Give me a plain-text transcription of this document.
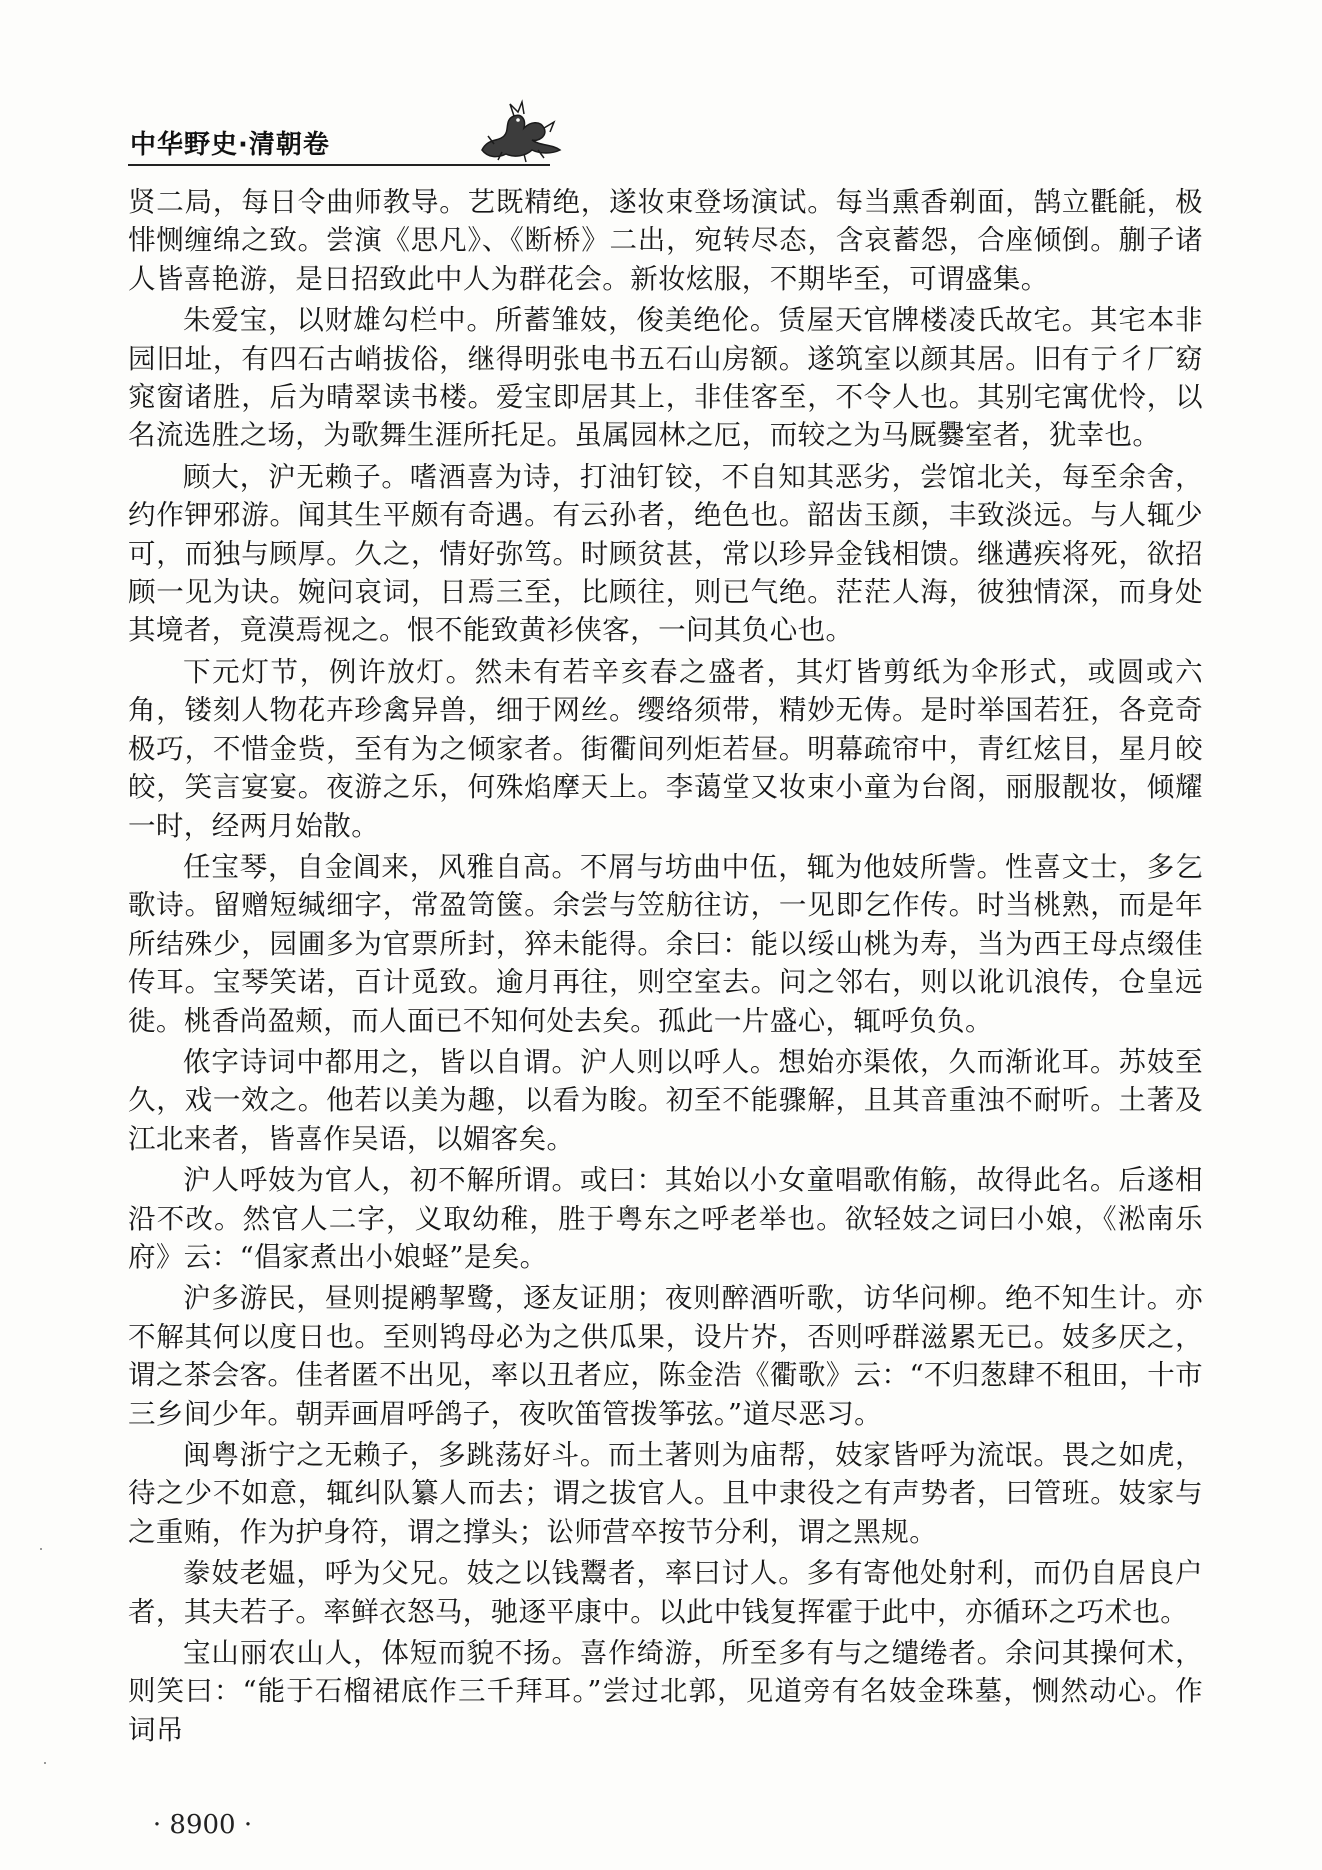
中华野史·清朝卷

贤二局，每日令曲师教导。艺既精绝，遂妆束登场演试。每当熏香剃面，鹄立氍毹，极悱恻缠绵之致。尝演《思凡》、《断桥》二出，宛转尽态，含哀蓄怨，合座倾倒。蒯子诸人皆喜艳游，是日招致此中人为群花会。新妆炫服，不期毕至，可谓盛集。

朱爱宝，以财雄勾栏中。所蓄雏妓，俊美绝伦。赁屋天官牌楼凌氏故宅。其宅本非园旧址，有四石古峭拔俗，继得明张电书五石山房额。遂筑室以颜其居。旧有亍彳厂窈窕窗诸胜，后为晴翠读书楼。爱宝即居其上，非佳客至，不令人也。其别宅寓优怜，以名流选胜之场，为歌舞生涯所托足。虽属园林之厄，而较之为马厩爨室者，犹幸也。

顾大，沪无赖子。嗜酒喜为诗，打油钉铰，不自知其恶劣，尝馆北关，每至余舍，约作钾邪游。闻其生平颇有奇遇。有云孙者，绝色也。韶齿玉颜，丰致淡远。与人辄少可，而独与顾厚。久之，情好弥笃。时顾贫甚，常以珍异金钱相馈。继遘疾将死，欲招顾一见为诀。婉问哀词，日焉三至，比顾往，则已气绝。茫茫人海，彼独情深，而身处其境者，竟漠焉视之。恨不能致黄衫侠客，一问其负心也。

下元灯节，例许放灯。然未有若辛亥春之盛者，其灯皆剪纸为伞形式，或圆或六角，镂刻人物花卉珍禽异兽，细于网丝。缨络须带，精妙无俦。是时举国若狂，各竞奇极巧，不惜金赀，至有为之倾家者。街衢间列炬若昼。明幕疏帘中，青红炫目，星月皎皎，笑言宴宴。夜游之乐，何殊焰摩天上。李蔼堂又妆束小童为台阁，丽服靓妆，倾耀一时，经两月始散。

任宝琴，自金阊来，风雅自高。不屑与坊曲中伍，辄为他妓所訾。性喜文士，多乞歌诗。留赠短缄细字，常盈笥箧。余尝与笠舫往访，一见即乞作传。时当桃熟，而是年所结殊少，园圃多为官票所封，猝未能得。余曰：能以绥山桃为寿，当为西王母点缀佳传耳。宝琴笑诺，百计觅致。逾月再往，则空室去。问之邻右，则以讹讥浪传，仓皇远徙。桃香尚盈颊，而人面已不知何处去矣。孤此一片盛心，辄呼负负。

侬字诗词中都用之，皆以自谓。沪人则以呼人。想始亦渠侬，久而渐讹耳。苏妓至久，戏一效之。他若以美为趣，以看为睃。初至不能骤解，且其音重浊不耐听。土著及江北来者，皆喜作吴语，以媚客矣。

沪人呼妓为官人，初不解所谓。或曰：其始以小女童唱歌侑觞，故得此名。后遂相沿不改。然官人二字，义取幼稚，胜于粤东之呼老举也。欲轻妓之词曰小娘，《淞南乐府》云：“倡家煮出小娘蛏”是矣。

沪多游民，昼则提鹇挈鹭，逐友证朋；夜则醉酒听歌，访华问柳。绝不知生计。亦不解其何以度日也。至则鸨母必为之供瓜果，设片岕，否则呼群滋累无已。妓多厌之，谓之茶会客。佳者匿不出见，率以丑者应，陈金浩《衢歌》云：“不归葱肆不租田，十市三乡间少年。朝弄画眉呼鸽子，夜吹笛管拨筝弦。”道尽恶习。

闽粤浙宁之无赖子，多跳荡好斗。而土著则为庙帮，妓家皆呼为流氓。畏之如虎，待之少不如意，辄纠队纂人而去；谓之拔官人。且中隶役之有声势者，曰管班。妓家与之重贿，作为护身符，谓之撑头；讼师营卒按节分利，谓之黑规。

豢妓老媪，呼为父兄。妓之以钱鬻者，率曰讨人。多有寄他处射利，而仍自居良户者，其夫若子。率鲜衣怒马，驰逐平康中。以此中钱复挥霍于此中，亦循环之巧术也。

宝山丽农山人，体短而貌不扬。喜作绮游，所至多有与之缱绻者。余问其操何术，则笑曰：“能于石榴裙底作三千拜耳。”尝过北郭，见道旁有名妓金珠墓，恻然动心。作词吊

· 8900 ·
